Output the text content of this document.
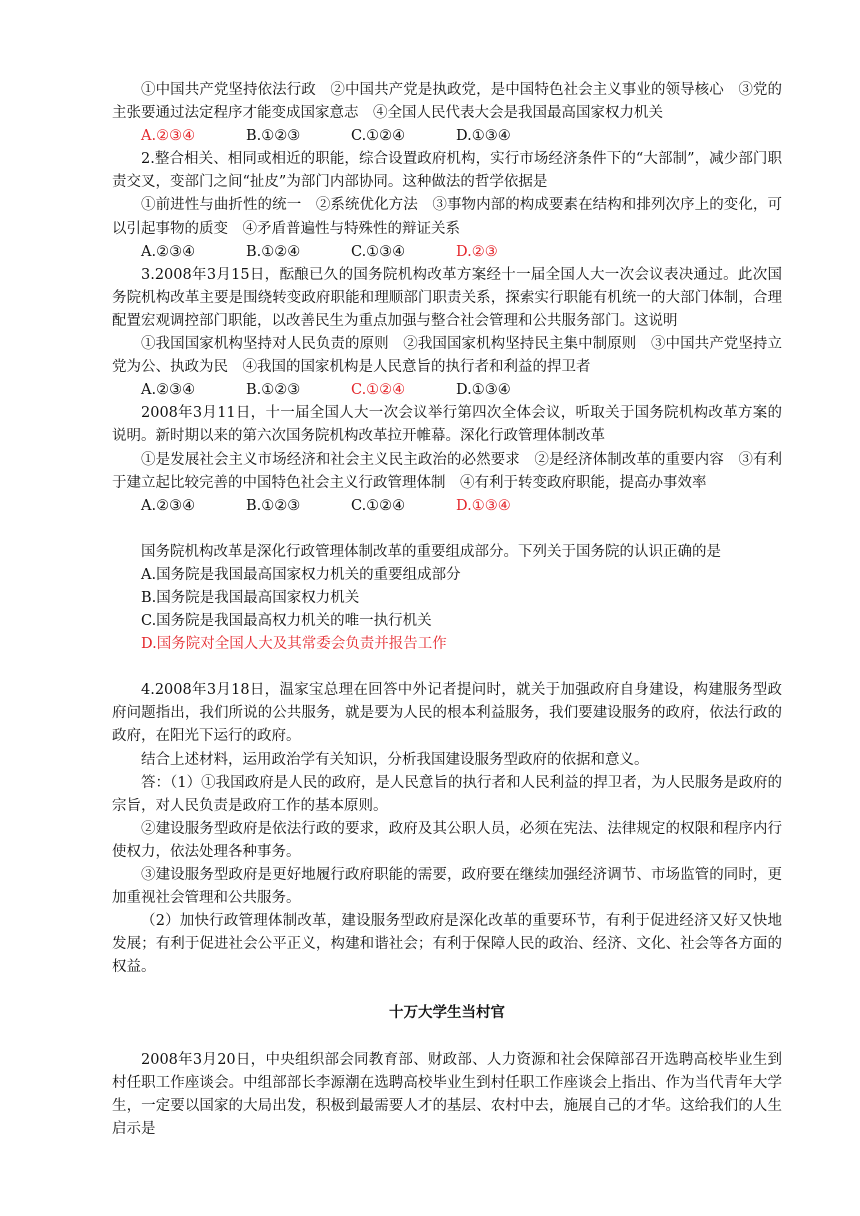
①中国共产党坚持依法行政　②中国共产党是执政党，是中国特色社会主义事业的领导核心　③党的主张要通过法定程序才能变成国家意志　④全国人民代表大会是我国最高国家权力机关

A.②③④	B.①②③	C.①②④	D.①③④

2.整合相关、相同或相近的职能，综合设置政府机构，实行市场经济条件下的“大部制”，减少部门职责交叉，变部门之间“扯皮”为部门内部协同。这种做法的哲学依据是

①前进性与曲折性的统一　②系统优化方法　③事物内部的构成要素在结构和排列次序上的变化，可以引起事物的质变　④矛盾普遍性与特殊性的辩证关系

A.②③④	B.①②④	C.①③④	D.②③

3.2008年3月15日，酝酿已久的国务院机构改革方案经十一届全国人大一次会议表决通过。此次国务院机构改革主要是围绕转变政府职能和理顺部门职责关系，探索实行职能有机统一的大部门体制，合理配置宏观调控部门职能，以改善民生为重点加强与整合社会管理和公共服务部门。这说明

①我国国家机构坚持对人民负责的原则　②我国国家机构坚持民主集中制原则　③中国共产党坚持立党为公、执政为民　④我国的国家机构是人民意旨的执行者和利益的捍卫者

A.②③④	B.①②③	C.①②④	D.①③④

2008年3月11日，十一届全国人大一次会议举行第四次全体会议，听取关于国务院机构改革方案的说明。新时期以来的第六次国务院机构改革拉开帷幕。深化行政管理体制改革

①是发展社会主义市场经济和社会主义民主政治的必然要求　②是经济体制改革的重要内容　③有利于建立起比较完善的中国特色社会主义行政管理体制　④有利于转变政府职能，提高办事效率

A.②③④	B.①②③	C.①②④	D.①③④

国务院机构改革是深化行政管理体制改革的重要组成部分。下列关于国务院的认识正确的是

A.国务院是我国最高国家权力机关的重要组成部分

B.国务院是我国最高国家权力机关

C.国务院是我国最高权力机关的唯一执行机关

D.国务院对全国人大及其常委会负责并报告工作

4.2008年3月18日，温家宝总理在回答中外记者提问时，就关于加强政府自身建设，构建服务型政府问题指出，我们所说的公共服务，就是要为人民的根本利益服务，我们要建设服务的政府，依法行政的政府，在阳光下运行的政府。

结合上述材料，运用政治学有关知识，分析我国建设服务型政府的依据和意义。

答：（1）①我国政府是人民的政府，是人民意旨的执行者和人民利益的捍卫者，为人民服务是政府的宗旨，对人民负责是政府工作的基本原则。

②建设服务型政府是依法行政的要求，政府及其公职人员，必须在宪法、法律规定的权限和程序内行使权力，依法处理各种事务。

③建设服务型政府是更好地履行政府职能的需要，政府要在继续加强经济调节、市场监管的同时，更加重视社会管理和公共服务。

（2）加快行政管理体制改革，建设服务型政府是深化改革的重要环节，有利于促进经济又好又快地发展；有利于促进社会公平正义，构建和谐社会；有利于保障人民的政治、经济、文化、社会等各方面的权益。

十万大学生当村官

2008年3月20日，中央组织部会同教育部、财政部、人力资源和社会保障部召开选聘高校毕业生到村任职工作座谈会。中组部部长李源潮在选聘高校毕业生到村任职工作座谈会上指出、作为当代青年大学生，一定要以国家的大局出发，积极到最需要人才的基层、农村中去，施展自己的才华。这给我们的人生启示是
